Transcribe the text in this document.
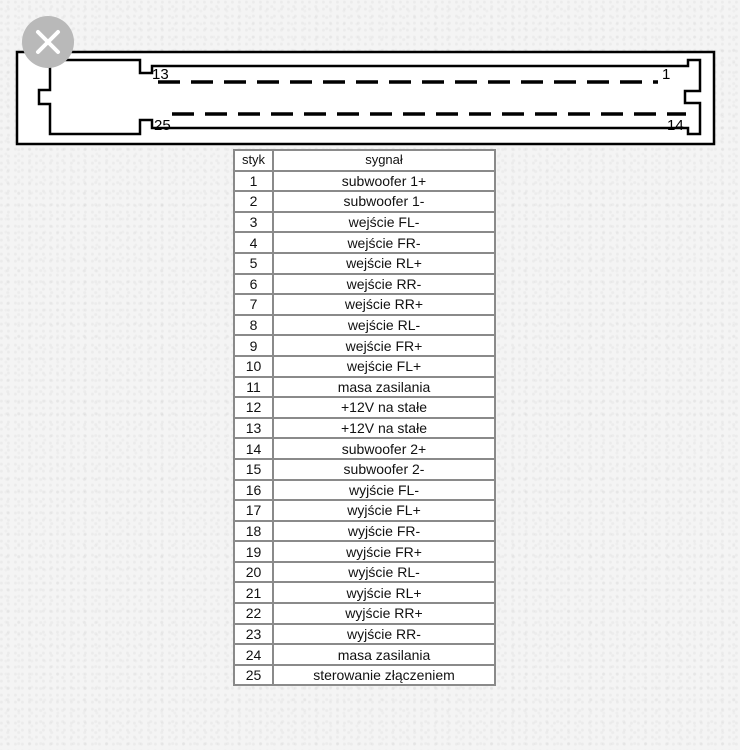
13	1
25	14
styk	sygnał
1	subwoofer 1+
2	subwoofer 1-
3	wejście FL-
4	wejście FR-
5	wejście RL+
6	wejście RR-
7	wejście RR+
8	wejście RL-
9	wejście FR+
10	wejście FL+
11	masa zasilania
12	+12V na stałe
13	+12V na stałe
14	subwoofer 2+
15	subwoofer 2-
16	wyjście FL-
17	wyjście FL+
18	wyjście FR-
19	wyjście FR+
20	wyjście RL-
21	wyjście RL+
22	wyjście RR+
23	wyjście RR-
24	masa zasilania
25	sterowanie złączeniem
